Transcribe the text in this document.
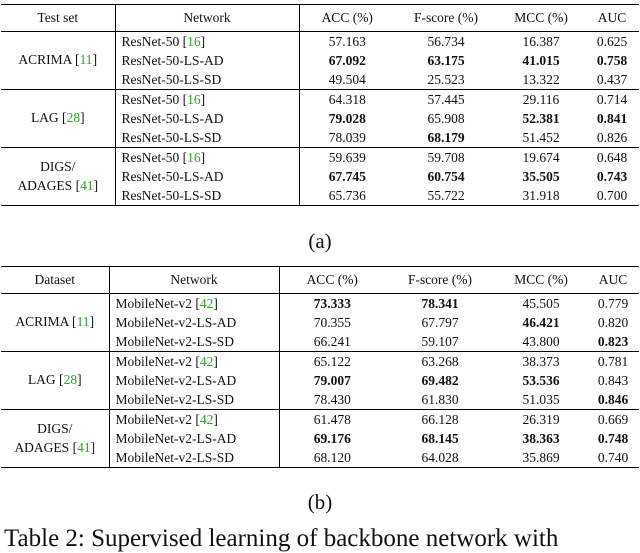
Test set	Network	ACC (%)	F-score (%)	MCC (%)	AUC
ACRIMA [11]	ResNet-50 [16]	57.163	56.734	16.387	0.625
	ResNet-50-LS-AD	67.092	63.175	41.015	0.758
	ResNet-50-LS-SD	49.504	25.523	13.322	0.437
LAG [28]	ResNet-50 [16]	64.318	57.445	29.116	0.714
	ResNet-50-LS-AD	79.028	65.908	52.381	0.841
	ResNet-50-LS-SD	78.039	68.179	51.452	0.826
DIGS/
ADAGES [41]	ResNet-50 [16]	59.639	59.708	19.674	0.648
	ResNet-50-LS-AD	67.745	60.754	35.505	0.743
	ResNet-50-LS-SD	65.736	55.722	31.918	0.700
(a)
Dataset	Network	ACC (%)	F-score (%)	MCC (%)	AUC
ACRIMA [11]	MobileNet-v2 [42]	73.333	78.341	45.505	0.779
	MobileNet-v2-LS-AD	70.355	67.797	46.421	0.820
	MobileNet-v2-LS-SD	66.241	59.107	43.800	0.823
LAG [28]	MobileNet-v2 [42]	65.122	63.268	38.373	0.781
	MobileNet-v2-LS-AD	79.007	69.482	53.536	0.843
	MobileNet-v2-LS-SD	78.430	61.830	51.035	0.846
DIGS/
ADAGES [41]	MobileNet-v2 [42]	61.478	66.128	26.319	0.669
	MobileNet-v2-LS-AD	69.176	68.145	38.363	0.748
	MobileNet-v2-LS-SD	68.120	64.028	35.869	0.740
(b)
Table 2: Supervised learning of backbone network with
